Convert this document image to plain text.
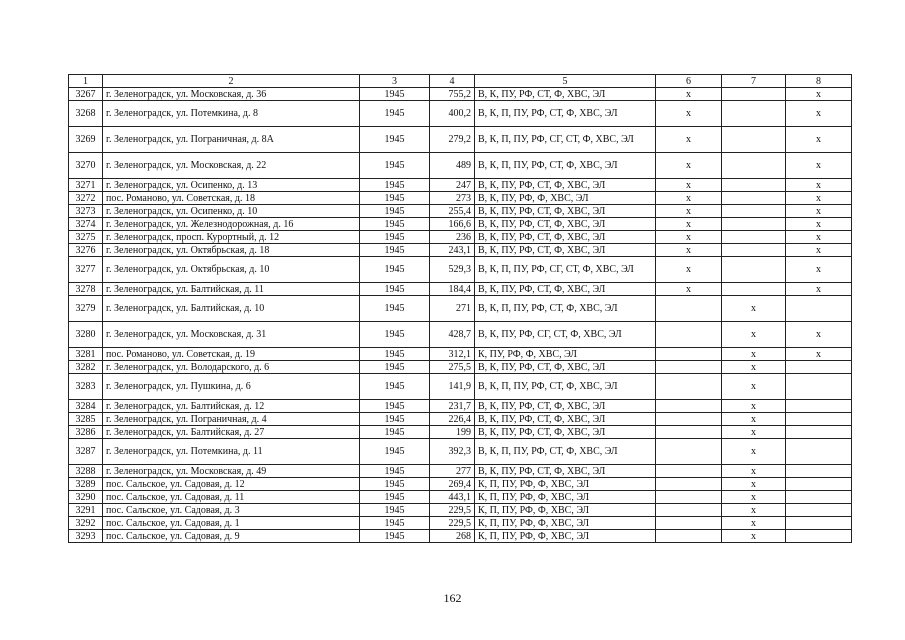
1	2	3	4	5	6	7	8
3267	г. Зеленоградск, ул. Московская, д. 36	1945	755,2	В, К, ПУ, РФ, СТ, Ф, ХВС, ЭЛ	x		x
3268	г. Зеленоградск, ул. Потемкина, д. 8	1945	400,2	В, К, П, ПУ, РФ, СТ, Ф, ХВС, ЭЛ	x		x
3269	г. Зеленоградск, ул. Пограничная, д. 8А	1945	279,2	В, К, П, ПУ, РФ, СГ, СТ, Ф, ХВС, ЭЛ	x		x
3270	г. Зеленоградск, ул. Московская, д. 22	1945	489	В, К, П, ПУ, РФ, СТ, Ф, ХВС, ЭЛ	x		x
3271	г. Зеленоградск, ул. Осипенко, д. 13	1945	247	В, К, ПУ, РФ, СТ, Ф, ХВС, ЭЛ	x		x
3272	пос. Романово, ул. Советская, д. 18	1945	273	В, К, ПУ, РФ, Ф, ХВС, ЭЛ	x		x
3273	г. Зеленоградск, ул. Осипенко, д. 10	1945	255,4	В, К, ПУ, РФ, СТ, Ф, ХВС, ЭЛ	x		x
3274	г. Зеленоградск, ул. Железнодорожная, д. 16	1945	166,6	В, К, ПУ, РФ, СТ, Ф, ХВС, ЭЛ	x		x
3275	г. Зеленоградск, просп. Курортный, д. 12	1945	236	В, К, ПУ, РФ, СТ, Ф, ХВС, ЭЛ	x		x
3276	г. Зеленоградск, ул. Октябрьская, д. 18	1945	243,1	В, К, ПУ, РФ, СТ, Ф, ХВС, ЭЛ	x		x
3277	г. Зеленоградск, ул. Октябрьская, д. 10	1945	529,3	В, К, П, ПУ, РФ, СГ, СТ, Ф, ХВС, ЭЛ	x		x
3278	г. Зеленоградск, ул. Балтийская, д. 11	1945	184,4	В, К, ПУ, РФ, СТ, Ф, ХВС, ЭЛ	x		x
3279	г. Зеленоградск, ул. Балтийская, д. 10	1945	271	В, К, П, ПУ, РФ, СТ, Ф, ХВС, ЭЛ		x	
3280	г. Зеленоградск, ул. Московская, д. 31	1945	428,7	В, К, ПУ, РФ, СГ, СТ, Ф, ХВС, ЭЛ		x	x
3281	пос. Романово, ул. Советская, д. 19	1945	312,1	К, ПУ, РФ, Ф, ХВС, ЭЛ		x	x
3282	г. Зеленоградск, ул. Володарского, д. 6	1945	275,5	В, К, ПУ, РФ, СТ, Ф, ХВС, ЭЛ		x	
3283	г. Зеленоградск, ул. Пушкина, д. 6	1945	141,9	В, К, П, ПУ, РФ, СТ, Ф, ХВС, ЭЛ		x	
3284	г. Зеленоградск, ул. Балтийская, д. 12	1945	231,7	В, К, ПУ, РФ, СТ, Ф, ХВС, ЭЛ		x	
3285	г. Зеленоградск, ул. Пограничная, д. 4	1945	226,4	В, К, ПУ, РФ, СТ, Ф, ХВС, ЭЛ		x	
3286	г. Зеленоградск, ул. Балтийская, д. 27	1945	199	В, К, ПУ, РФ, СТ, Ф, ХВС, ЭЛ		x	
3287	г. Зеленоградск, ул. Потемкина, д. 11	1945	392,3	В, К, П, ПУ, РФ, СТ, Ф, ХВС, ЭЛ		x	
3288	г. Зеленоградск, ул. Московская, д. 49	1945	277	В, К, ПУ, РФ, СТ, Ф, ХВС, ЭЛ		x	
3289	пос. Сальское, ул. Садовая, д. 12	1945	269,4	К, П, ПУ, РФ, Ф, ХВС, ЭЛ		x	
3290	пос. Сальское, ул. Садовая, д. 11	1945	443,1	К, П, ПУ, РФ, Ф, ХВС, ЭЛ		x	
3291	пос. Сальское, ул. Садовая, д. 3	1945	229,5	К, П, ПУ, РФ, Ф, ХВС, ЭЛ		x	
3292	пос. Сальское, ул. Садовая, д. 1	1945	229,5	К, П, ПУ, РФ, Ф, ХВС, ЭЛ		x	
3293	пос. Сальское, ул. Садовая, д. 9	1945	268	К, П, ПУ, РФ, Ф, ХВС, ЭЛ		x	
162
